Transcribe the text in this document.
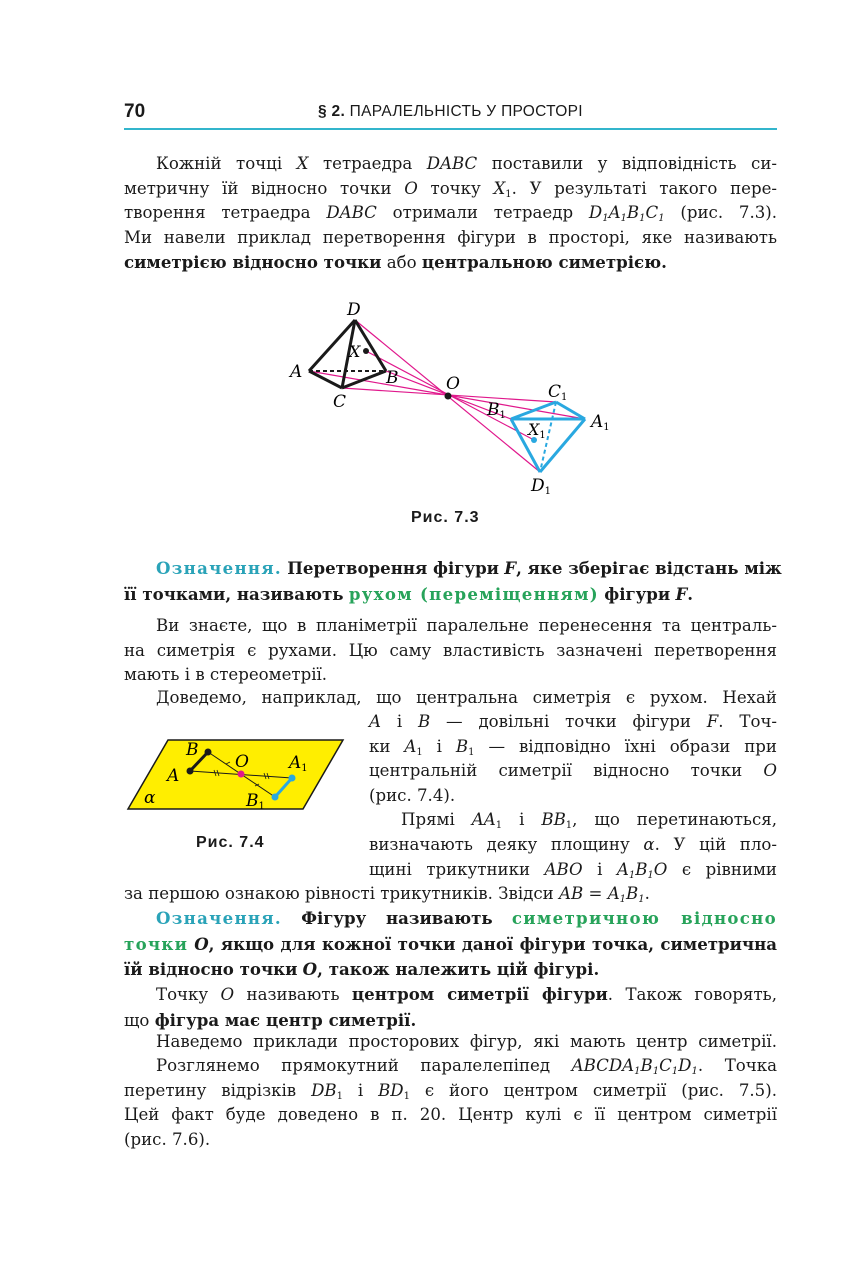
70	§ 2. ПАРАЛЕЛЬНІСТЬ У ПРОСТОРІ
Кожній точці X тетраедра DABC поставили у відповідність си-
метричну їй відносно точки O точку $X_1$. У результаті такого пере-
творення тетраедра DABC отримали тетраедр $D_1A_1B_1C_1$ (рис. 7.3).
Ми навели приклад перетворення фігури в просторі, яке називають
симетрією відносно точки або центральною симетрією.
D
X
A	B
C
O	C1
A1
B1
X1
D1
Рис. 7.3
Означення. Перетворення фігури F, яке зберігає відстань між
її точками, називають рухом (переміщенням) фігури F.
Ви знаєте, що в планіметрії паралельне перенесення та централь-
на симетрія є рухами. Цю саму властивість зазначені перетворення
мають і в стереометрії.
Доведемо, наприклад, що центральна симетрія є рухом. Нехай
A і B — довільні точки фігури F. Точ-
ки $A_1$ і $B_1$ — відповідно їхні образи при
центральній симетрії відносно точки O
(рис. 7.4).
Прямі $AA_1$ і $BB_1$, що перетинаються,
визначають деяку площину α. У цій пло-
щині трикутники ABO і $A_1B_1O$ є рівними
за першою ознакою рівності трикутників. Звідси AB = $A_1B_1$.
B
O A1
A
α	B1
Рис. 7.4
Означення. Фігуру називають симетричною відносно
точки O, якщо для кожної точки даної фігури точка, симетрична
їй відносно точки O, також належить цій фігурі.
Точку O називають центром симетрії фігури. Також говорять,
що фігура має центр симетрії.
Наведемо приклади просторових фігур, які мають центр симетрії.
Розглянемо прямокутний паралелепіпед $ABCDA_1B_1C_1D_1$. Точка
перетину відрізків $DB_1$ і $BD_1$ є його центром симетрії (рис. 7.5).
Цей факт буде доведено в п. 20. Центр кулі є її центром симетрії
(рис. 7.6).
